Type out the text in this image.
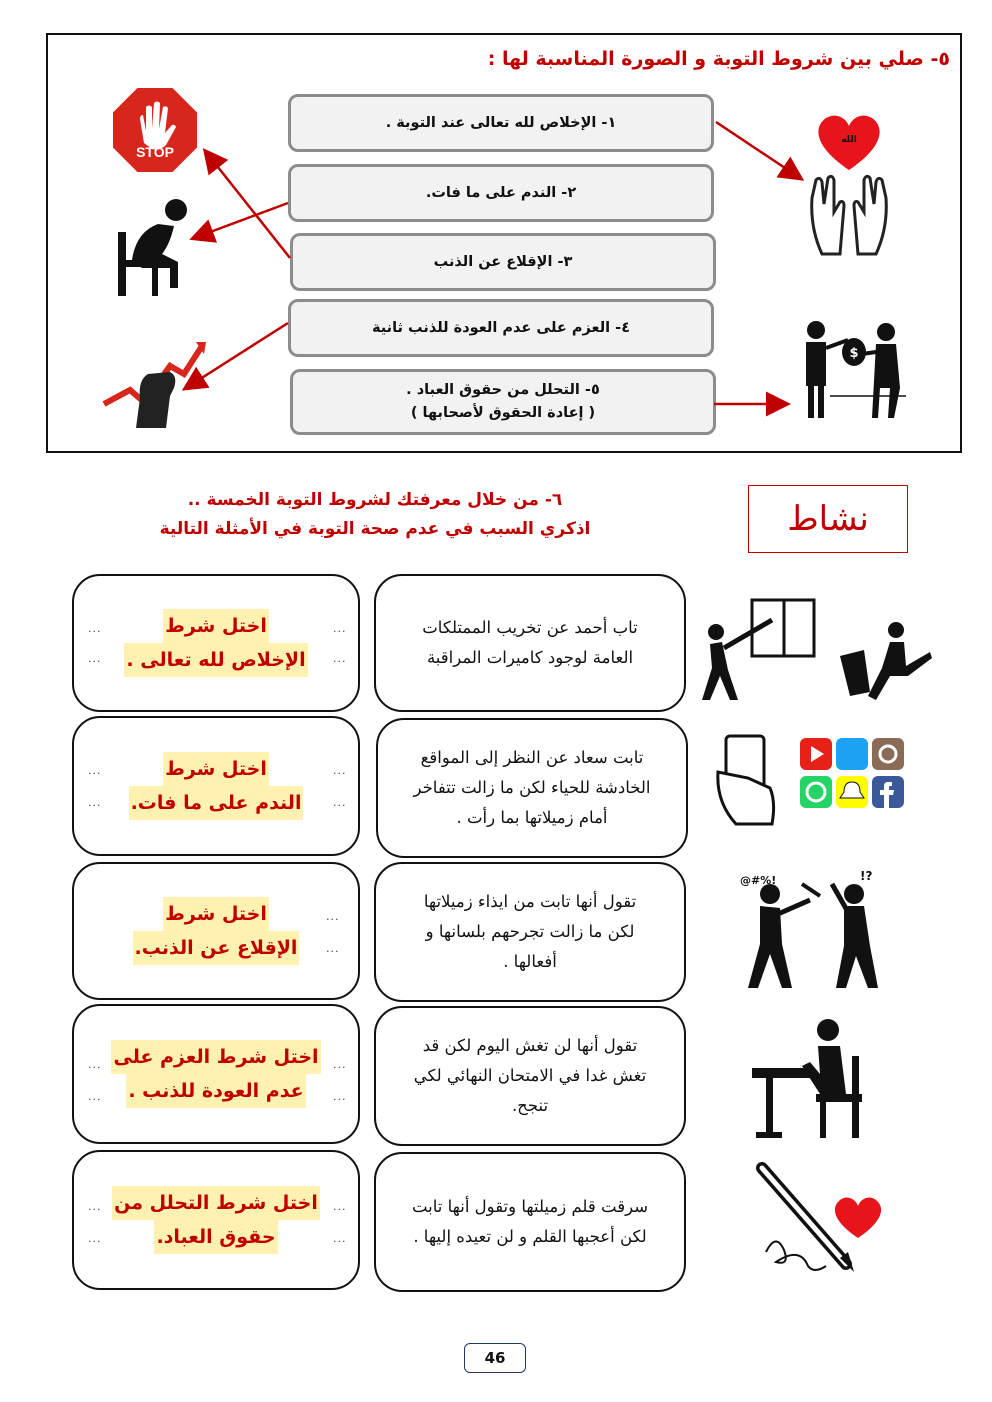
٥- صلي بين شروط التوبة و الصورة المناسبة لها :
١- الإخلاص لله تعالى عند التوبة .
٢- الندم على ما فات.
٣- الإقلاع عن الذنب
٤- العزم على عدم العودة للذنب ثانية
٥- التحلل من حقوق العباد .
( إعادة الحقوق لأصحابها )
STOP
الله
$
نشاط
٦- من خلال معرفتك لشروط التوبة الخمسة ..
اذكري السبب في عدم صحة التوبة في الأمثلة التالية
اختل شرط
الإخلاص لله تعالى .
...
...
...
...
تاب أحمد عن تخريب الممتلكات
العامة لوجود كاميرات المراقبة
اختل شرط
الندم على ما فات.
...
...
...
...
تابت سعاد عن النظر إلى المواقع
الخادشة للحياء لكن ما زالت تتفاخر
أمام زميلاتها بما رأت .
اختل شرط
الإقلاع عن الذنب.
...
...
تقول أنها تابت من ايذاء زميلاتها
لكن ما زالت تجرحهم بلسانها و
أفعالها .
@#%!	!?
اختل شرط العزم على
عدم العودة للذنب .
...
...
...
...
تقول أنها لن تغش اليوم لكن قد
تغش غدا في الامتحان النهائي لكي
تنجح.
اختل شرط التحلل من
حقوق العباد.
...
...
...
...
سرقت قلم زميلتها وتقول أنها تابت
لكن أعجبها القلم و لن تعيده إليها .
46
